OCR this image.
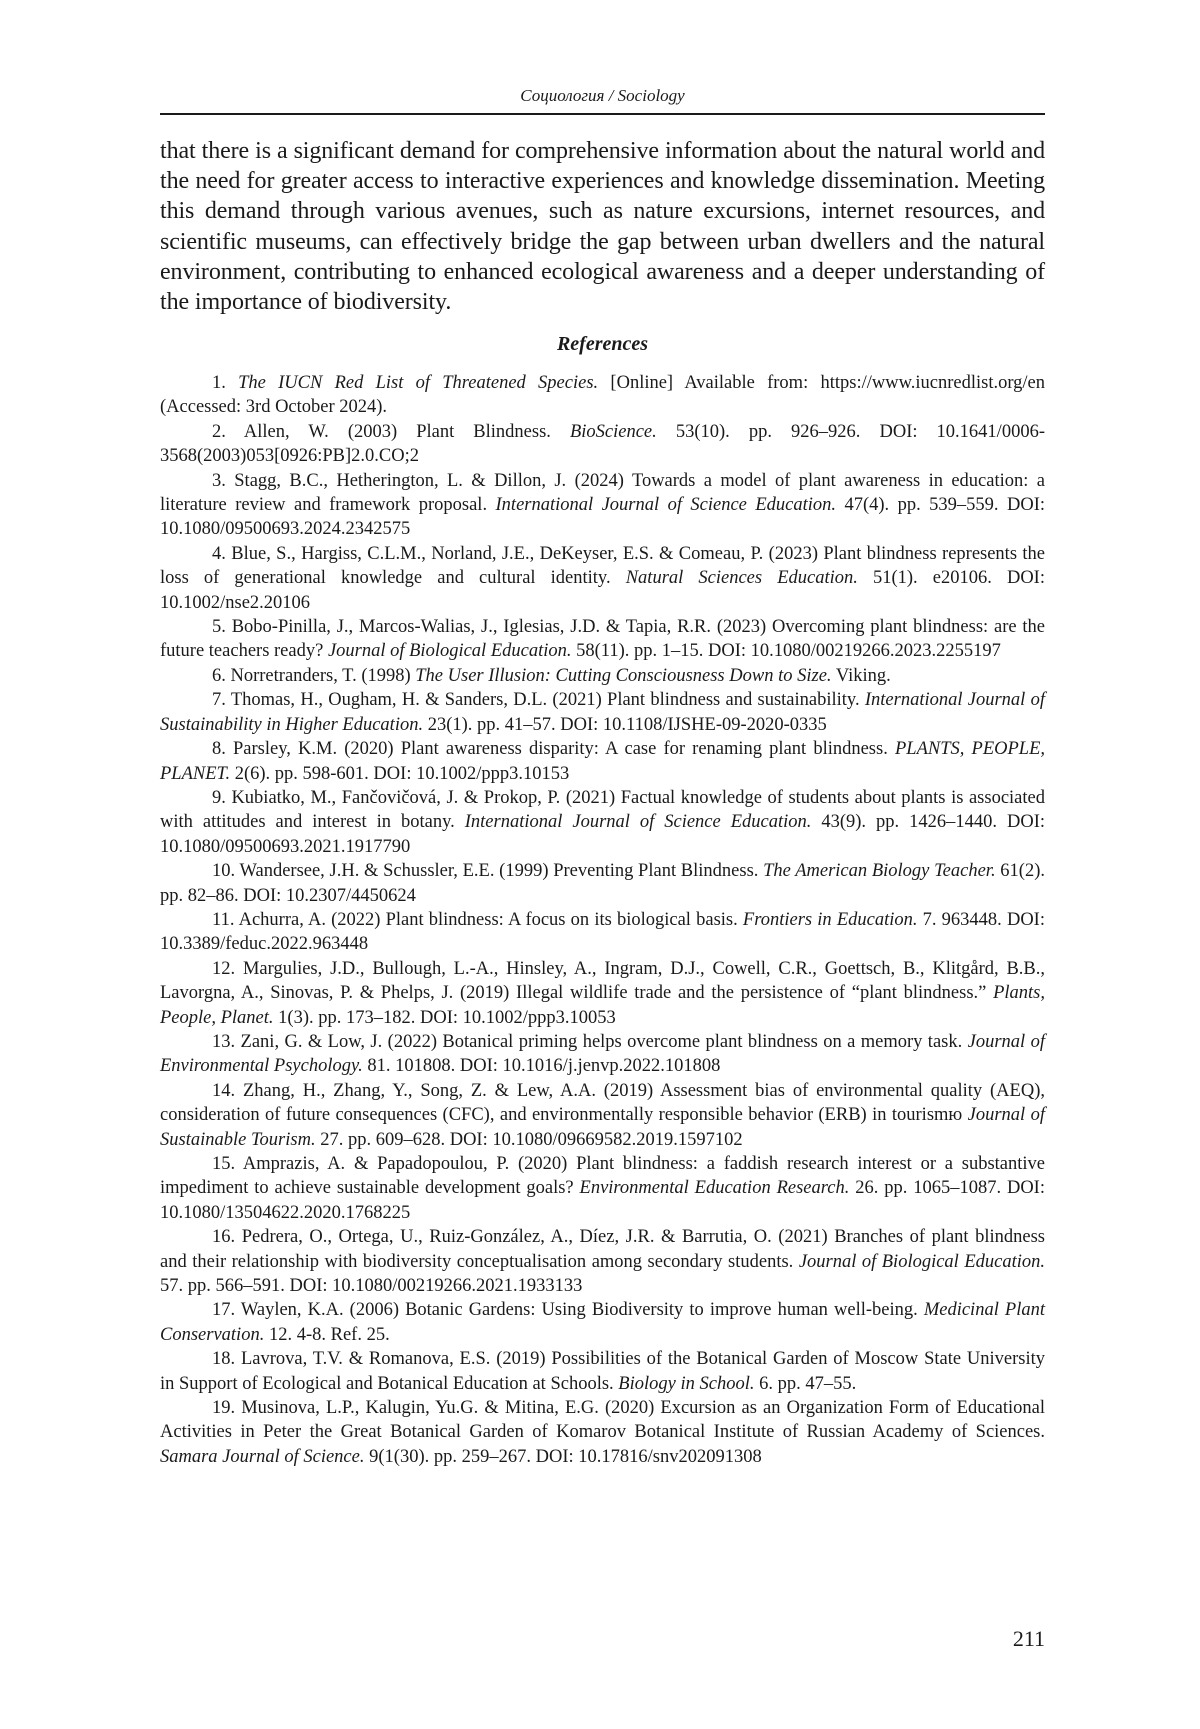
Социология / Sociology

that there is a significant demand for comprehensive information about the natural world and the need for greater access to interactive experiences and knowledge dissemination. Meeting this demand through various avenues, such as nature excursions, internet resources, and scientific museums, can effectively bridge the gap between urban dwellers and the natural environment, contributing to enhanced ecological awareness and a deeper understanding of the importance of biodiversity.

References
1. The IUCN Red List of Threatened Species. [Online] Available from: https://www.iucnredlist.org/en (Accessed: 3rd October 2024).
2. Allen, W. (2003) Plant Blindness. BioScience. 53(10). pp. 926–926. DOI: 10.1641/0006-3568(2003)053[0926:PB]2.0.CO;2
3. Stagg, B.C., Hetherington, L. & Dillon, J. (2024) Towards a model of plant awareness in education: a literature review and framework proposal. International Journal of Science Education. 47(4). pp. 539–559. DOI: 10.1080/09500693.2024.2342575
4. Blue, S., Hargiss, C.L.M., Norland, J.E., DeKeyser, E.S. & Comeau, P. (2023) Plant blindness represents the loss of generational knowledge and cultural identity. Natural Sciences Education. 51(1). e20106. DOI: 10.1002/nse2.20106
5. Bobo-Pinilla, J., Marcos-Walias, J., Iglesias, J.D. & Tapia, R.R. (2023) Overcoming plant blindness: are the future teachers ready? Journal of Biological Education. 58(11). pp. 1–15. DOI: 10.1080/00219266.2023.2255197
6. Norretranders, T. (1998) The User Illusion: Cutting Consciousness Down to Size. Viking.
7. Thomas, H., Ougham, H. & Sanders, D.L. (2021) Plant blindness and sustainability. International Journal of Sustainability in Higher Education. 23(1). pp. 41–57. DOI: 10.1108/IJSHE-09-2020-0335
8. Parsley, K.M. (2020) Plant awareness disparity: A case for renaming plant blindness. PLANTS, PEOPLE, PLANET. 2(6). pp. 598-601. DOI: 10.1002/ppp3.10153
9. Kubiatko, M., Fančovičová, J. & Prokop, P. (2021) Factual knowledge of students about plants is associated with attitudes and interest in botany. International Journal of Science Education. 43(9). pp. 1426–1440. DOI: 10.1080/09500693.2021.1917790
10. Wandersee, J.H. & Schussler, E.E. (1999) Preventing Plant Blindness. The American Biology Teacher. 61(2). pp. 82–86. DOI: 10.2307/4450624
11. Achurra, A. (2022) Plant blindness: A focus on its biological basis. Frontiers in Education. 7. 963448. DOI: 10.3389/feduc.2022.963448
12. Margulies, J.D., Bullough, L.-A., Hinsley, A., Ingram, D.J., Cowell, C.R., Goettsch, B., Klitgård, B.B., Lavorgna, A., Sinovas, P. & Phelps, J. (2019) Illegal wildlife trade and the persistence of “plant blindness.” Plants, People, Planet. 1(3). pp. 173–182. DOI: 10.1002/ppp3.10053
13. Zani, G. & Low, J. (2022) Botanical priming helps overcome plant blindness on a memory task. Journal of Environmental Psychology. 81. 101808. DOI: 10.1016/j.jenvp.2022.101808
14. Zhang, H., Zhang, Y., Song, Z. & Lew, A.A. (2019) Assessment bias of environmental quality (AEQ), consideration of future consequences (CFC), and environmentally responsible behavior (ERB) in tourismю Journal of Sustainable Tourism. 27. pp. 609–628. DOI: 10.1080/09669582.2019.1597102
15. Amprazis, A. & Papadopoulou, P. (2020) Plant blindness: a faddish research interest or a substantive impediment to achieve sustainable development goals? Environmental Education Research. 26. pp. 1065–1087. DOI: 10.1080/13504622.2020.1768225
16. Pedrera, O., Ortega, U., Ruiz-González, A., Díez, J.R. & Barrutia, O. (2021) Branches of plant blindness and their relationship with biodiversity conceptualisation among secondary students. Journal of Biological Education. 57. pp. 566–591. DOI: 10.1080/00219266.2021.1933133
17. Waylen, K.A. (2006) Botanic Gardens: Using Biodiversity to improve human well-being. Medicinal Plant Conservation. 12. 4-8. Ref. 25.
18. Lavrova, T.V. & Romanova, E.S. (2019) Possibilities of the Botanical Garden of Moscow State University in Support of Ecological and Botanical Education at Schools. Biology in School. 6. pp. 47–55.
19. Musinova, L.P., Kalugin, Yu.G. & Mitina, E.G. (2020) Excursion as an Organization Form of Educational Activities in Peter the Great Botanical Garden of Komarov Botanical Institute of Russian Academy of Sciences. Samara Journal of Science. 9(1(30). pp. 259–267. DOI: 10.17816/snv202091308
211
